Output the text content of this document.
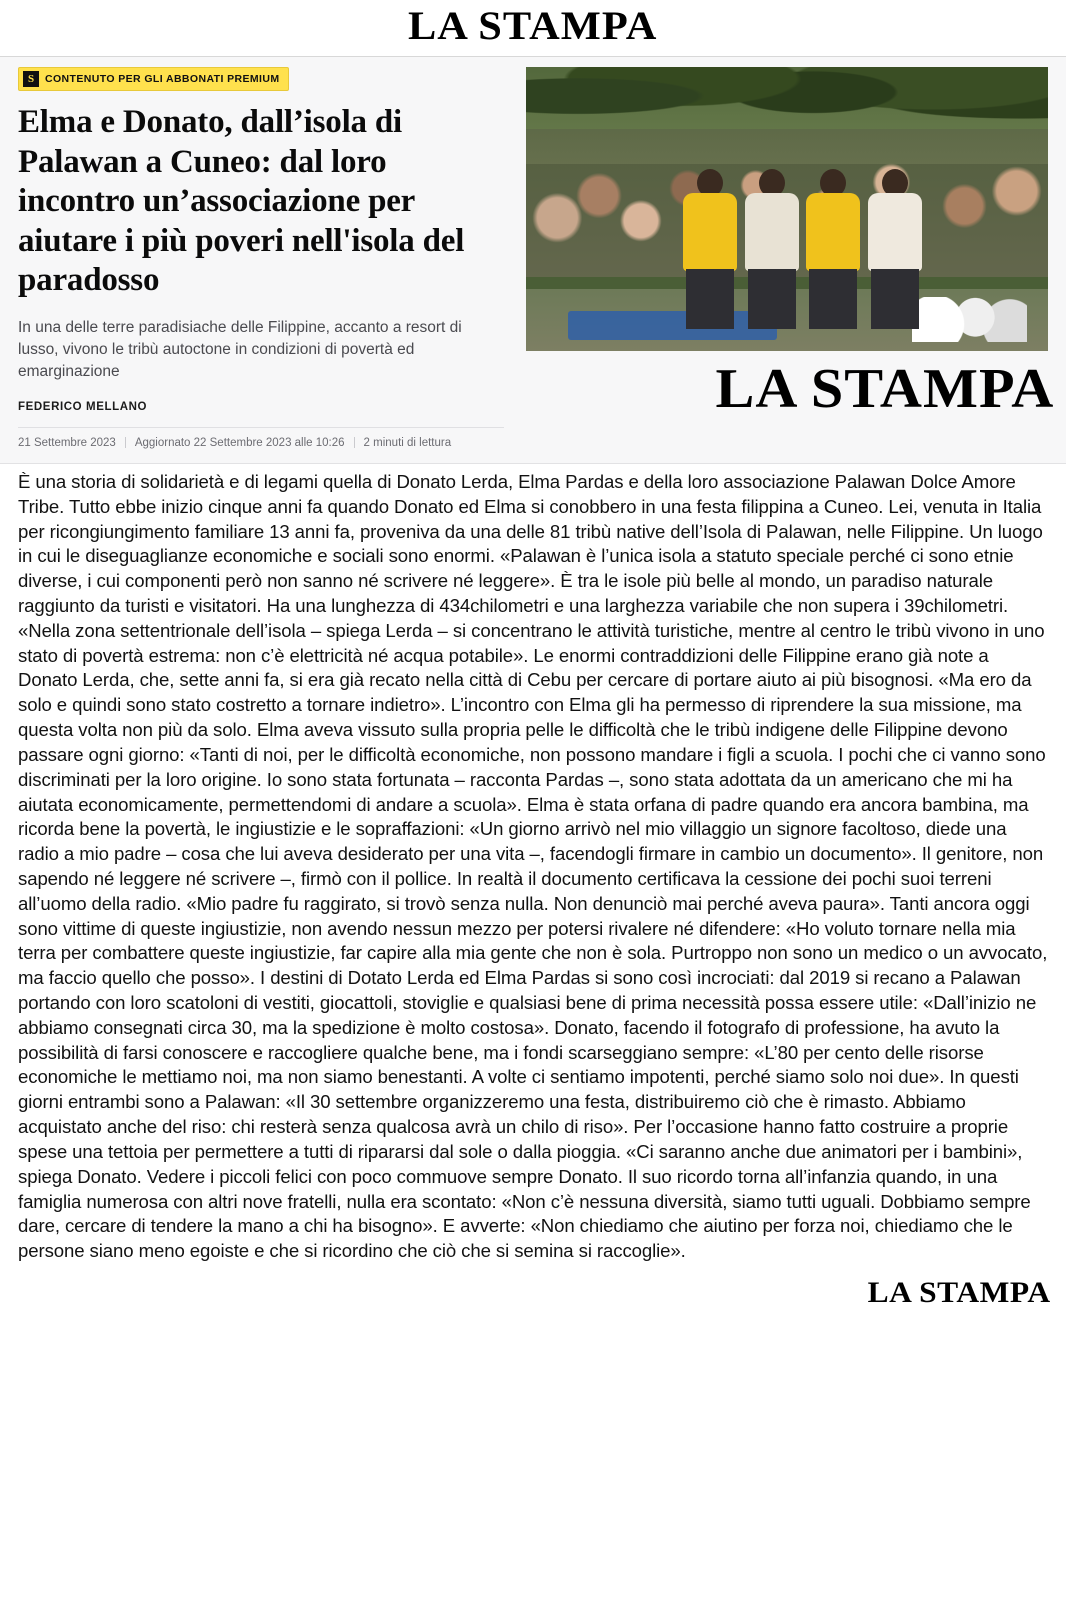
LA STAMPA
S	CONTENUTO PER GLI ABBONATI PREMIUM
Elma e Donato, dall’isola di Palawan a Cuneo: dal loro incontro un’associazione per aiutare i più poveri nell'isola del paradosso

In una delle terre paradisiache delle Filippine, accanto a resort di lusso, vivono le tribù autoctone in condizioni di povertà ed emarginazione

FEDERICO MELLANO
21 Settembre 2023 Aggiornato 22 Settembre 2023 alle 10:26 2 minuti di lettura
LA STAMPA

È una storia di solidarietà e di legami quella di Donato Lerda, Elma Pardas e della loro associazione Palawan Dolce Amore Tribe. Tutto ebbe inizio cinque anni fa quando Donato ed Elma si conobbero in una festa filippina a Cuneo. Lei, venuta in Italia per ricongiungimento familiare 13 anni fa, proveniva da una delle 81 tribù native dell’Isola di Palawan, nelle Filippine. Un luogo in cui le diseguaglianze economiche e sociali sono enormi. «Palawan è l’unica isola a statuto speciale perché ci sono etnie diverse, i cui componenti però non sanno né scrivere né leggere». È tra le isole più belle al mondo, un paradiso naturale raggiunto da turisti e visitatori. Ha una lunghezza di 434chilometri e una larghezza variabile che non supera i 39chilometri. «Nella zona settentrionale dell’isola – spiega Lerda – si concentrano le attività turistiche, mentre al centro le tribù vivono in uno stato di povertà estrema: non c’è elettricità né acqua potabile». Le enormi contraddizioni delle Filippine erano già note a Donato Lerda, che, sette anni fa, si era già recato nella città di Cebu per cercare di portare aiuto ai più bisognosi. «Ma ero da solo e quindi sono stato costretto a tornare indietro». L’incontro con Elma gli ha permesso di riprendere la sua missione, ma questa volta non più da solo. Elma aveva vissuto sulla propria pelle le difficoltà che le tribù indigene delle Filippine devono passare ogni giorno: «Tanti di noi, per le difficoltà economiche, non possono mandare i figli a scuola. I pochi che ci vanno sono discriminati per la loro origine. Io sono stata fortunata – racconta Pardas –, sono stata adottata da un americano che mi ha aiutata economicamente, permettendomi di andare a scuola». Elma è stata orfana di padre quando era ancora bambina, ma ricorda bene la povertà, le ingiustizie e le sopraffazioni: «Un giorno arrivò nel mio villaggio un signore facoltoso, diede una radio a mio padre – cosa che lui aveva desiderato per una vita –, facendogli firmare in cambio un documento». Il genitore, non sapendo né leggere né scrivere –, firmò con il pollice. In realtà il documento certificava la cessione dei pochi suoi terreni all’uomo della radio. «Mio padre fu raggirato, si trovò senza nulla. Non denunciò mai perché aveva paura». Tanti ancora oggi sono vittime di queste ingiustizie, non avendo nessun mezzo per potersi rivalere né difendere: «Ho voluto tornare nella mia terra per combattere queste ingiustizie, far capire alla mia gente che non è sola. Purtroppo non sono un medico o un avvocato, ma faccio quello che posso». I destini di Dotato Lerda ed Elma Pardas si sono così incrociati: dal 2019 si recano a Palawan portando con loro scatoloni di vestiti, giocattoli, stoviglie e qualsiasi bene di prima necessità possa essere utile: «Dall’inizio ne abbiamo consegnati circa 30, ma la spedizione è molto costosa». Donato, facendo il fotografo di professione, ha avuto la possibilità di farsi conoscere e raccogliere qualche bene, ma i fondi scarseggiano sempre: «L’80 per cento delle risorse economiche le mettiamo noi, ma non siamo benestanti. A volte ci sentiamo impotenti, perché siamo solo noi due». In questi giorni entrambi sono a Palawan: «Il 30 settembre organizzeremo una festa, distribuiremo ciò che è rimasto. Abbiamo acquistato anche del riso: chi resterà senza qualcosa avrà un chilo di riso». Per l’occasione hanno fatto costruire a proprie spese una tettoia per permettere a tutti di ripararsi dal sole o dalla pioggia. «Ci saranno anche due animatori per i bambini», spiega Donato. Vedere i piccoli felici con poco commuove sempre Donato. Il suo ricordo torna all’infanzia quando, in una famiglia numerosa con altri nove fratelli, nulla era scontato: «Non c’è nessuna diversità, siamo tutti uguali. Dobbiamo sempre dare, cercare di tendere la mano a chi ha bisogno». E avverte: «Non chiediamo che aiutino per forza noi, chiediamo che le persone siano meno egoiste e che si ricordino che ciò che si semina si raccoglie».

LA STAMPA
